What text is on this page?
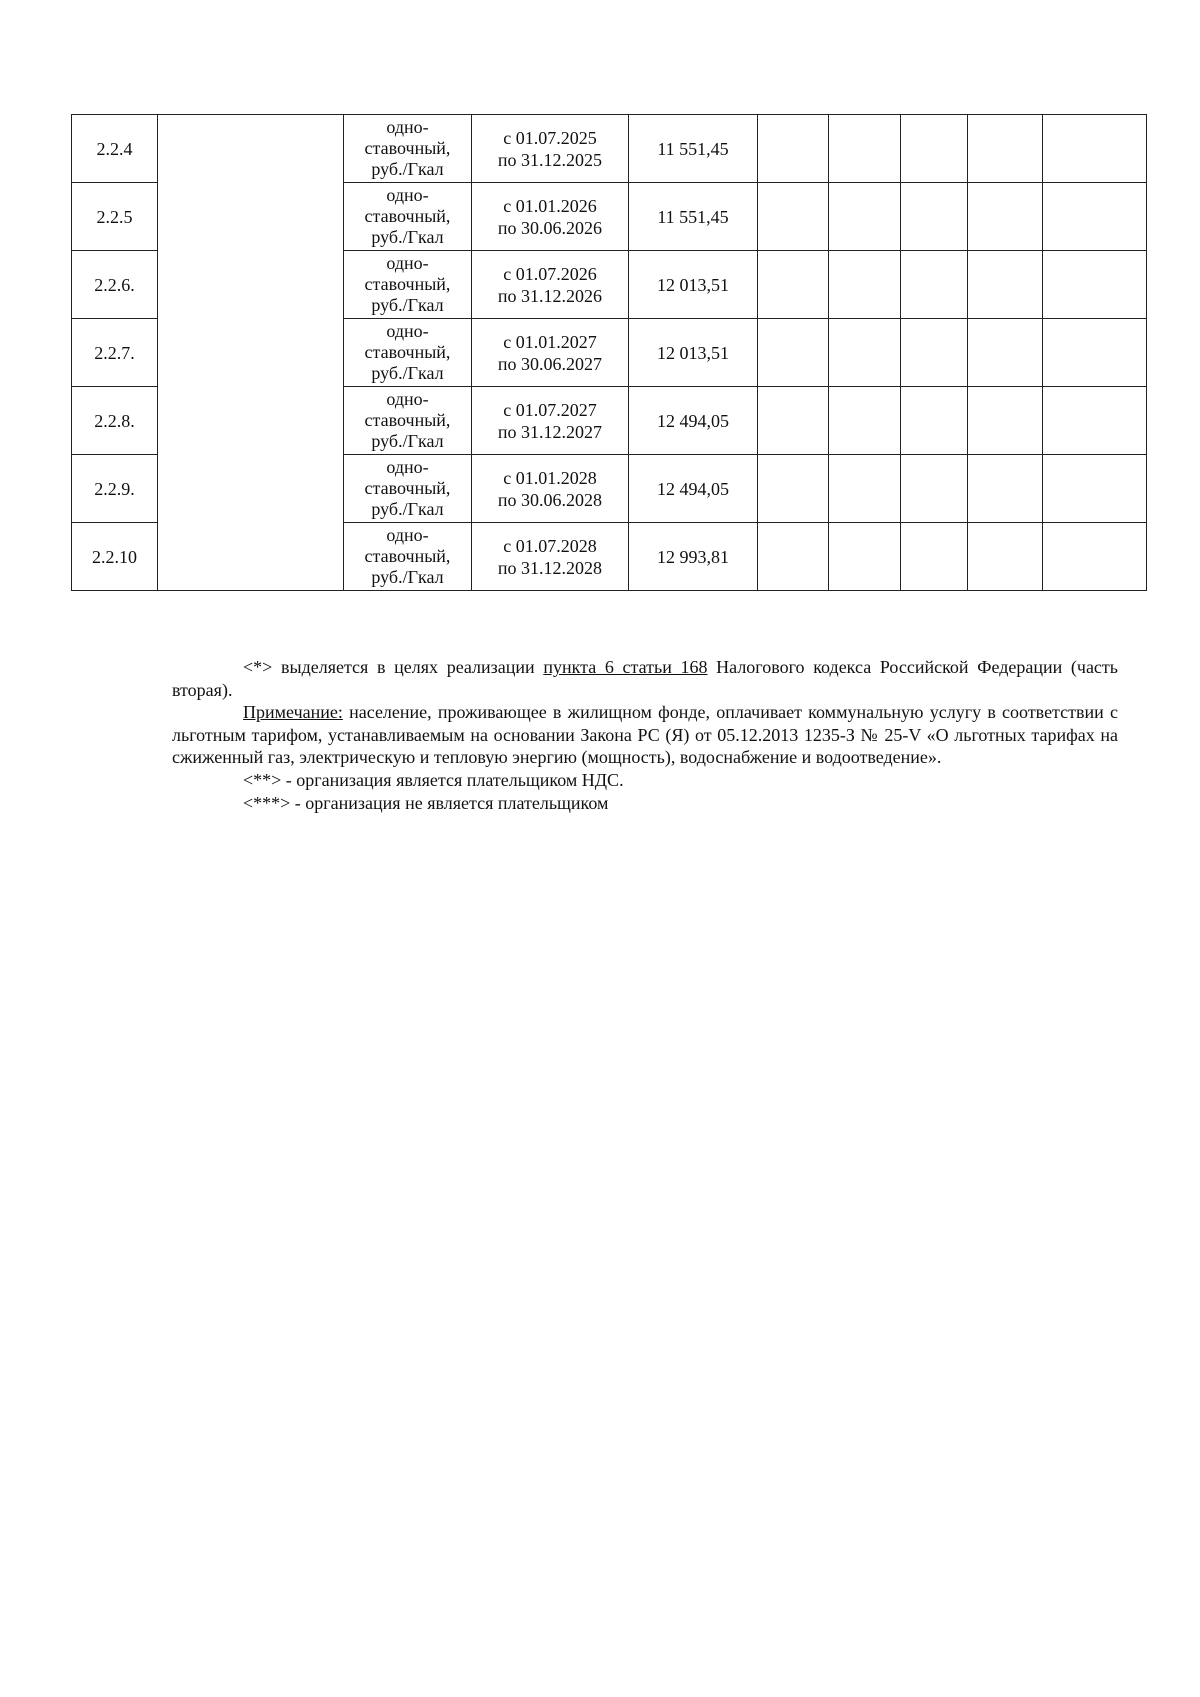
2.2.4		одно-
ставочный,
руб./Гкал	с 01.07.2025
по 31.12.2025	11 551,45					
2.2.5		одно-
ставочный,
руб./Гкал	с 01.01.2026
по 30.06.2026	11 551,45					
2.2.6.		одно-
ставочный,
руб./Гкал	с 01.07.2026
по 31.12.2026	12 013,51					
2.2.7.		одно-
ставочный,
руб./Гкал	с 01.01.2027
по 30.06.2027	12 013,51					
2.2.8.		одно-
ставочный,
руб./Гкал	с 01.07.2027
по 31.12.2027	12 494,05					
2.2.9.		одно-
ставочный,
руб./Гкал	с 01.01.2028
по 30.06.2028	12 494,05					
2.2.10		одно-
ставочный,
руб./Гкал	с 01.07.2028
по 31.12.2028	12 993,81					

<*> выделяется в целях реализации пункта 6 статьи 168 Налогового кодекса Российской Федерации (часть вторая).

Примечание: население, проживающее в жилищном фонде, оплачивает коммунальную услугу в соответствии с льготным тарифом, устанавливаемым на основании Закона РС (Я) от 05.12.2013 1235-З № 25-V «О льготных тарифах на сжиженный газ, электрическую и тепловую энергию (мощность), водоснабжение и водоотведение».

<**> - организация является плательщиком НДС.

<***> - организация не является плательщиком
